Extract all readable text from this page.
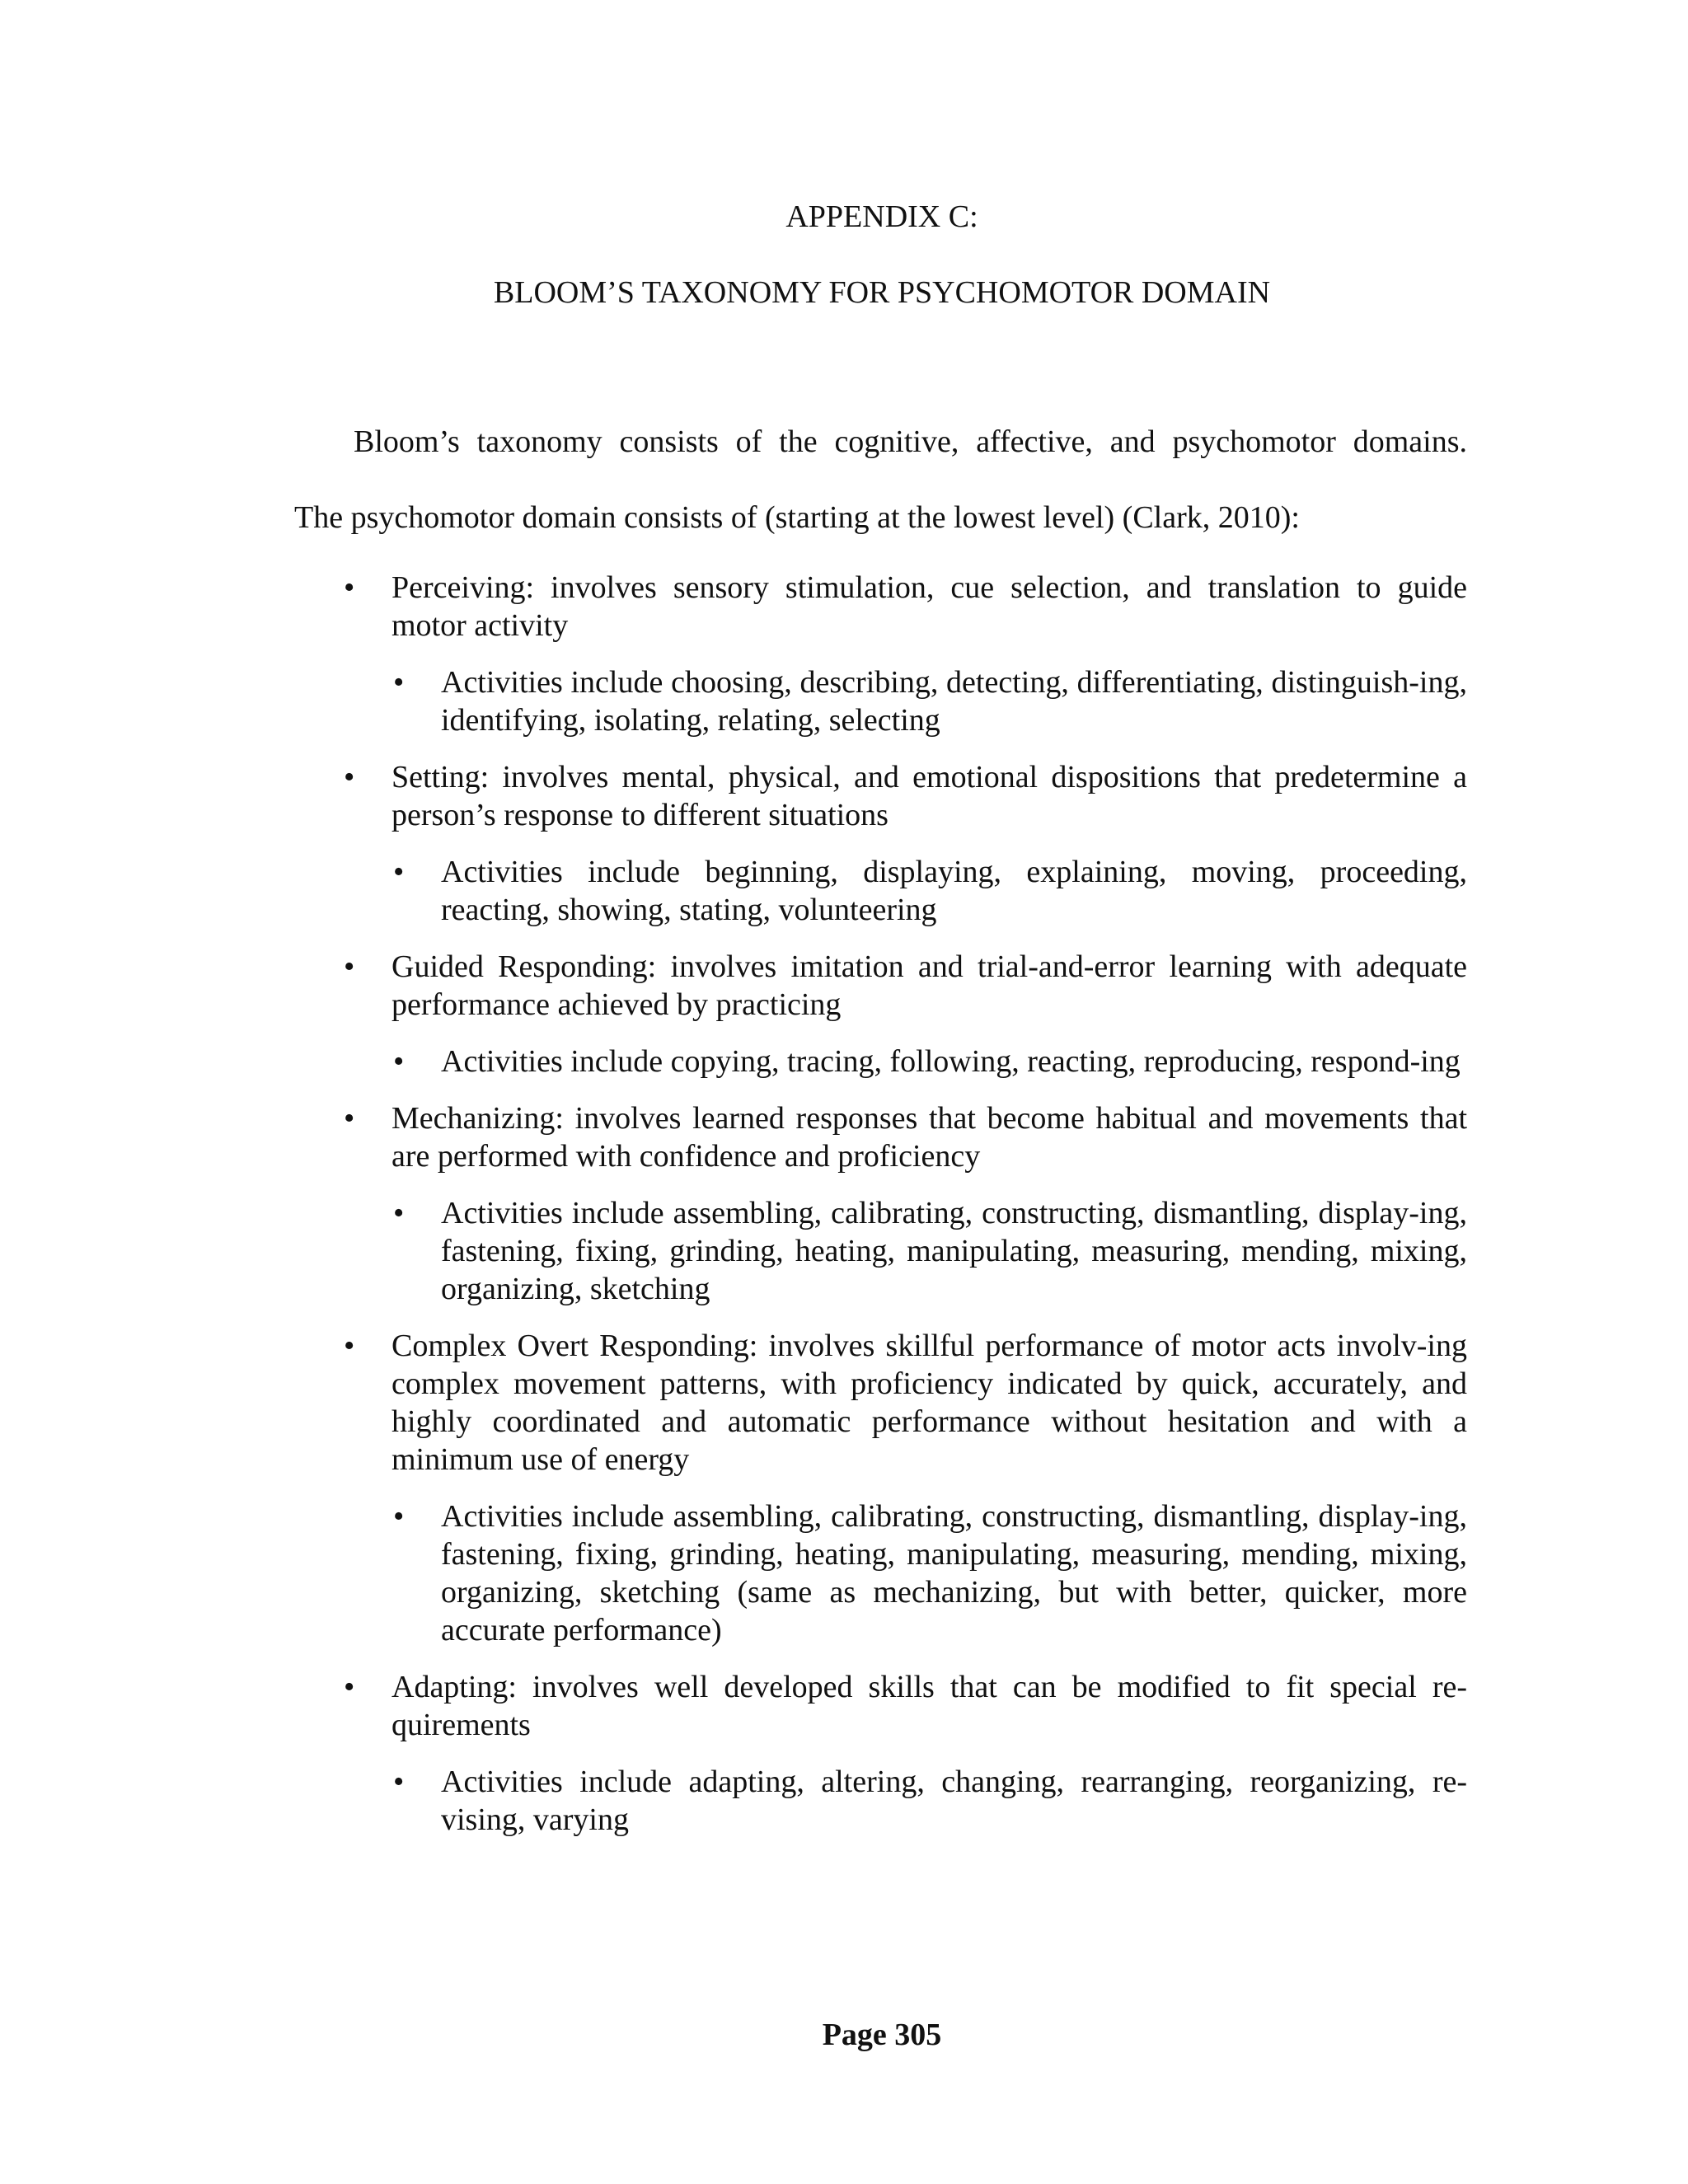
APPENDIX C:
BLOOM’S TAXONOMY FOR PSYCHOMOTOR DOMAIN

Bloom’s taxonomy consists of the cognitive, affective, and psychomotor domains.

The psychomotor domain consists of (starting at the lowest level) (Clark, 2010):

• Perceiving: involves sensory stimulation, cue selection, and translation to guide motor activity
• Activities include choosing, describing, detecting, differentiating, distinguish-ing, identifying, isolating, relating, selecting
• Setting: involves mental, physical, and emotional dispositions that predetermine a person’s response to different situations
• Activities include beginning, displaying, explaining, moving, proceeding, reacting, showing, stating, volunteering
• Guided Responding: involves imitation and trial-and-error learning with adequate performance achieved by practicing
• Activities include copying, tracing, following, reacting, reproducing, respond-ing
• Mechanizing: involves learned responses that become habitual and movements that are performed with confidence and proficiency
• Activities include assembling, calibrating, constructing, dismantling, display-ing, fastening, fixing, grinding, heating, manipulating, measuring, mending, mixing, organizing, sketching
• Complex Overt Responding: involves skillful performance of motor acts involv-ing complex movement patterns, with proficiency indicated by quick, accurately, and highly coordinated and automatic performance without hesitation and with a minimum use of energy
• Activities include assembling, calibrating, constructing, dismantling, display-ing, fastening, fixing, grinding, heating, manipulating, measuring, mending, mixing, organizing, sketching (same as mechanizing, but with better, quicker, more accurate performance)
• Adapting: involves well developed skills that can be modified to fit special re-quirements
• Activities include adapting, altering, changing, rearranging, reorganizing, re-vising, varying
Page 305
